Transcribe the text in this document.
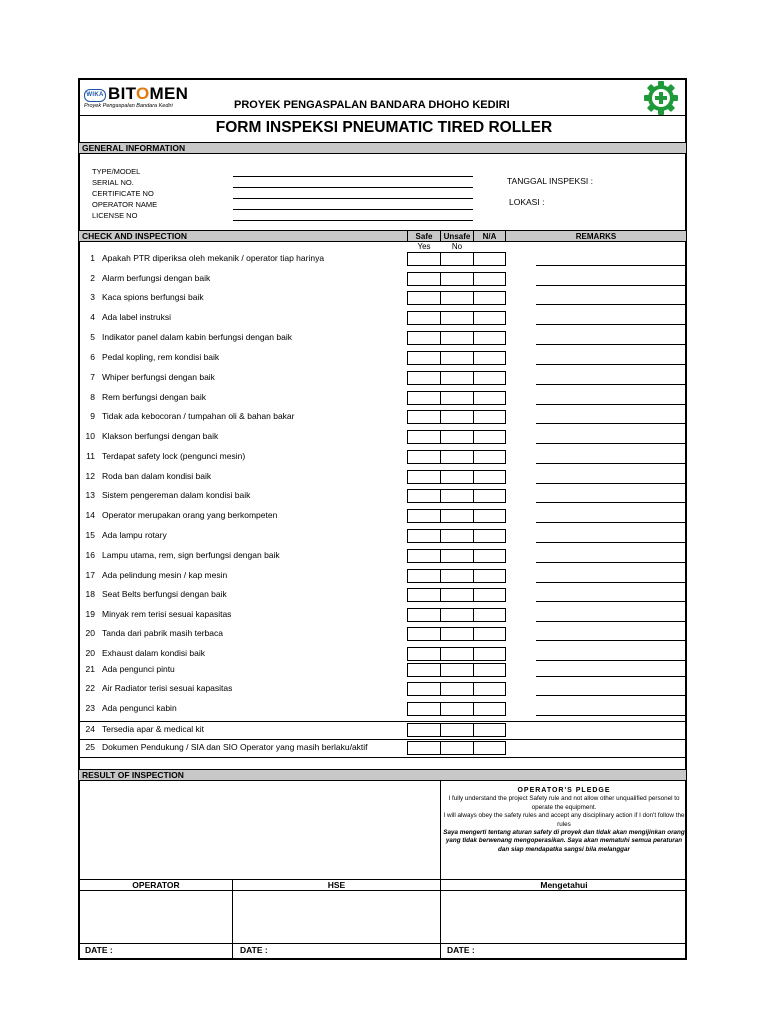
WIKA BITOMEN
Proyek Pengaspalan Bandara Kediri	PROYEK PENGASPALAN BANDARA DHOHO KEDIRI
FORM INSPEKSI PNEUMATIC TIRED ROLLER
GENERAL INFORMATION
TYPE/MODEL
SERIAL NO.
CERTIFICATE NO
OPERATOR NAME
LICENSE NO
TANGGAL INSPEKSI :
LOKASI :
CHECK AND INSPECTION	Safe	Unsafe	N/A	REMARKS
Yes	No
1 Apakah PTR diperiksa oleh mekanik / operator tiap harinya
2 Alarm berfungsi dengan baik
3 Kaca spions berfungsi baik
4 Ada label instruksi
5 Indikator panel dalam kabin berfungsi dengan baik
6 Pedal kopling, rem kondisi baik
7 Whiper berfungsi dengan baik
8 Rem berfungsi dengan baik
9 Tidak ada kebocoran / tumpahan oli & bahan bakar
10 Klakson berfungsi dengan baik
11 Terdapat safety lock (pengunci mesin)
12 Roda ban dalam kondisi baik
13 Sistem pengereman dalam kondisi baik
14 Operator merupakan orang yang berkompeten
15 Ada lampu rotary
16 Lampu utama, rem, sign berfungsi dengan baik
17 Ada pelindung mesin / kap mesin
18 Seat Belts berfungsi dengan baik
19 Minyak rem terisi sesuai kapasitas
20 Tanda dari pabrik masih terbaca
20 Exhaust dalam kondisi baik
21 Ada pengunci pintu
22 Air Radiator terisi sesuai kapasitas
23 Ada pengunci kabin
24 Tersedia apar & medical kit
25 Dokumen Pendukung / SIA dan SIO Operator yang masih berlaku/aktif
RESULT OF INSPECTION
OPERATOR'S PLEDGE
I fully understand the project Safety rule and not allow other unqualified personel to operate the equipment.
I will always obey the safety rules and accept any disciplinary action if I don't follow the rules
Saya mengerti tentang aturan safety di proyek dan tidak akan mengijinkan orang yang tidak berwenang mengoperasikan. Saya akan mematuhi semua peraturan dan siap mendapatka sangsi bila melanggar
OPERATOR	HSE	Mengetahui
DATE :	DATE :	DATE :
